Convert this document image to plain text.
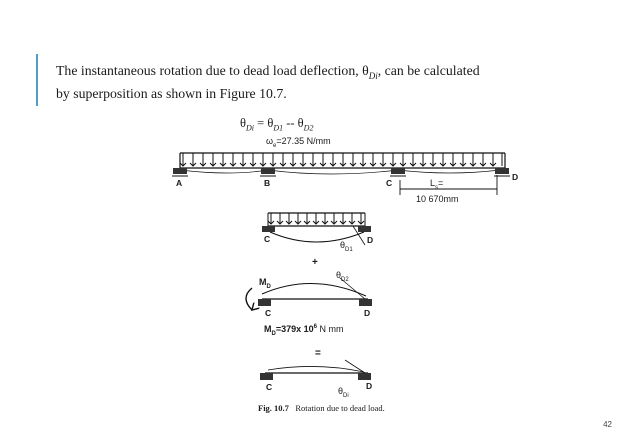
The instantaneous rotation due to dead load deflection, $\theta_{Di}$, can be calculated
by superposition as shown in Figure 10.7.

$\theta_{Di} = \theta_{D1} -- \theta_{D2}$
$\omega_e=27.35$ N/mm
A	B	C
D
$L_s=$
10 670mm
C	D
$\theta_{D1}$
+
$M_D$
$\theta_{D2}$
C	D
$M_D=379x$ $10^6$ N mm
=
C	D
$\theta_{Di}$
Fig. 10.7 Rotation due to dead load.
42
